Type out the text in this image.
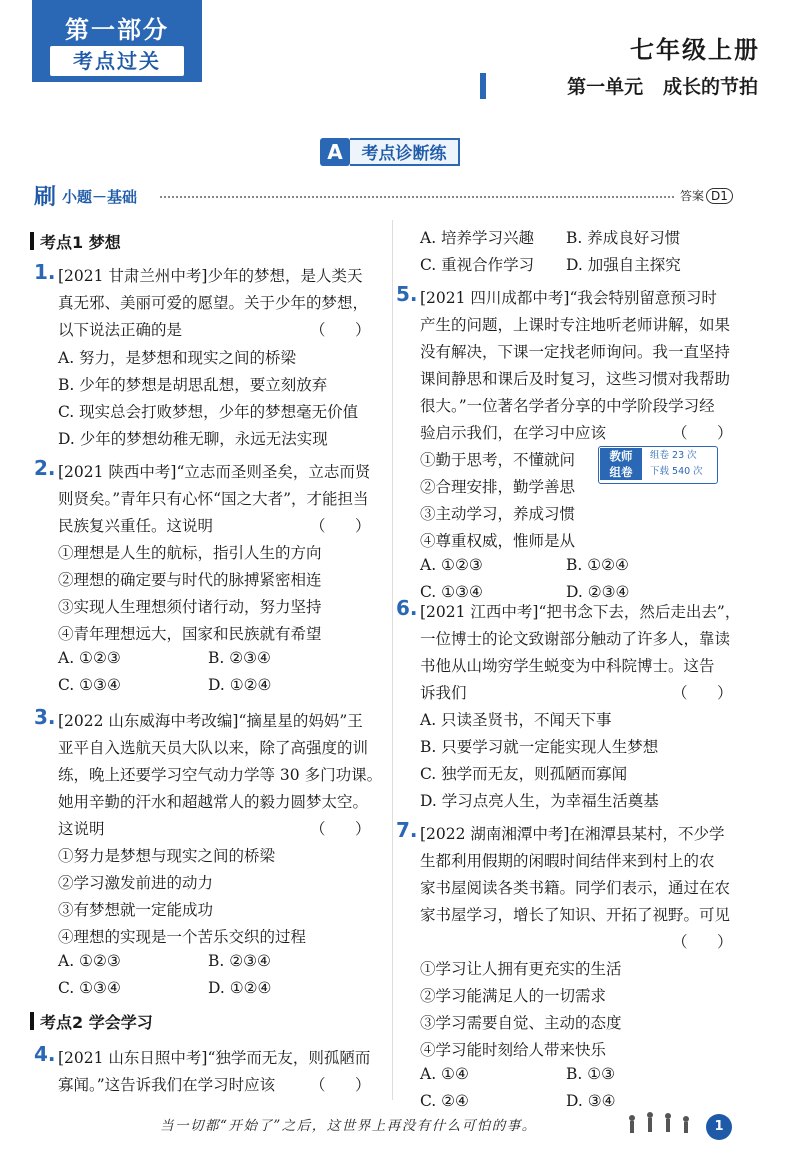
第一部分
考点过关	七年级上册
第一单元   成长的节拍
A	考点诊断练
刷 小题－基础	答案 D1
考点1 梦想
1. [2021 甘肃兰州中考]少年的梦想，是人类天
真无邪、美丽可爱的愿望。关于少年的梦想，
以下说法正确的是	（      ）
A. 努力，是梦想和现实之间的桥梁
B. 少年的梦想是胡思乱想，要立刻放弃
C. 现实总会打败梦想，少年的梦想毫无价值
D. 少年的梦想幼稚无聊，永远无法实现
2. [2021 陕西中考]“立志而圣则圣矣，立志而贤
则贤矣。”青年只有心怀“国之大者”，才能担当
民族复兴重任。这说明	（      ）
①理想是人生的航标，指引人生的方向
②理想的确定要与时代的脉搏紧密相连
③实现人生理想须付诸行动，努力坚持
④青年理想远大，国家和民族就有希望
A. ①②③	B. ②③④
C. ①③④	D. ①②④
3. [2022 山东威海中考改编]“摘星星的妈妈”王
亚平自入选航天员大队以来，除了高强度的训
练，晚上还要学习空气动力学等 30 多门功课。
她用辛勤的汗水和超越常人的毅力圆梦太空。
这说明	（      ）
①努力是梦想与现实之间的桥梁
②学习激发前进的动力
③有梦想就一定能成功
④理想的实现是一个苦乐交织的过程
A. ①②③	B. ②③④
C. ①③④	D. ①②④
考点2 学会学习
4. [2021 山东日照中考]“独学而无友，则孤陋而
寡闻。”这告诉我们在学习时应该 （      ）
A. 培养学习兴趣 B. 养成良好习惯
C. 重视合作学习 D. 加强自主探究
5. [2021 四川成都中考]“我会特别留意预习时
产生的问题，上课时专注地听老师讲解，如果
没有解决，下课一定找老师询问。我一直坚持
课间静思和课后及时复习，这些习惯对我帮助
很大。”一位著名学者分享的中学阶段学习经
验启示我们，在学习中应该	（      ）
①勤于思考，不懂就问
②合理安排，勤学善思
③主动学习，养成习惯
④尊重权威，惟师是从
A. ①②③	B. ①②④
C. ①③④	D. ②③④
教师
组卷
组卷 23 次
下载 540 次
6. [2021 江西中考]“把书念下去，然后走出去”，
一位博士的论文致谢部分触动了许多人，靠读
书他从山坳穷学生蜕变为中科院博士。这告
诉我们	（      ）
A. 只读圣贤书，不闻天下事
B. 只要学习就一定能实现人生梦想
C. 独学而无友，则孤陋而寡闻
D. 学习点亮人生，为幸福生活奠基
7. [2022 湖南湘潭中考]在湘潭县某村，不少学
生都利用假期的闲暇时间结伴来到村上的农
家书屋阅读各类书籍。同学们表示，通过在农
家书屋学习，增长了知识、开拓了视野。可见
（      ）
①学习让人拥有更充实的生活
②学习能满足人的一切需求
③学习需要自觉、主动的态度
④学习能时刻给人带来快乐
A. ①④	B. ①③
C. ②④	D. ③④
当一切都“开始了”之后，这世界上再没有什么可怕的事。	1
